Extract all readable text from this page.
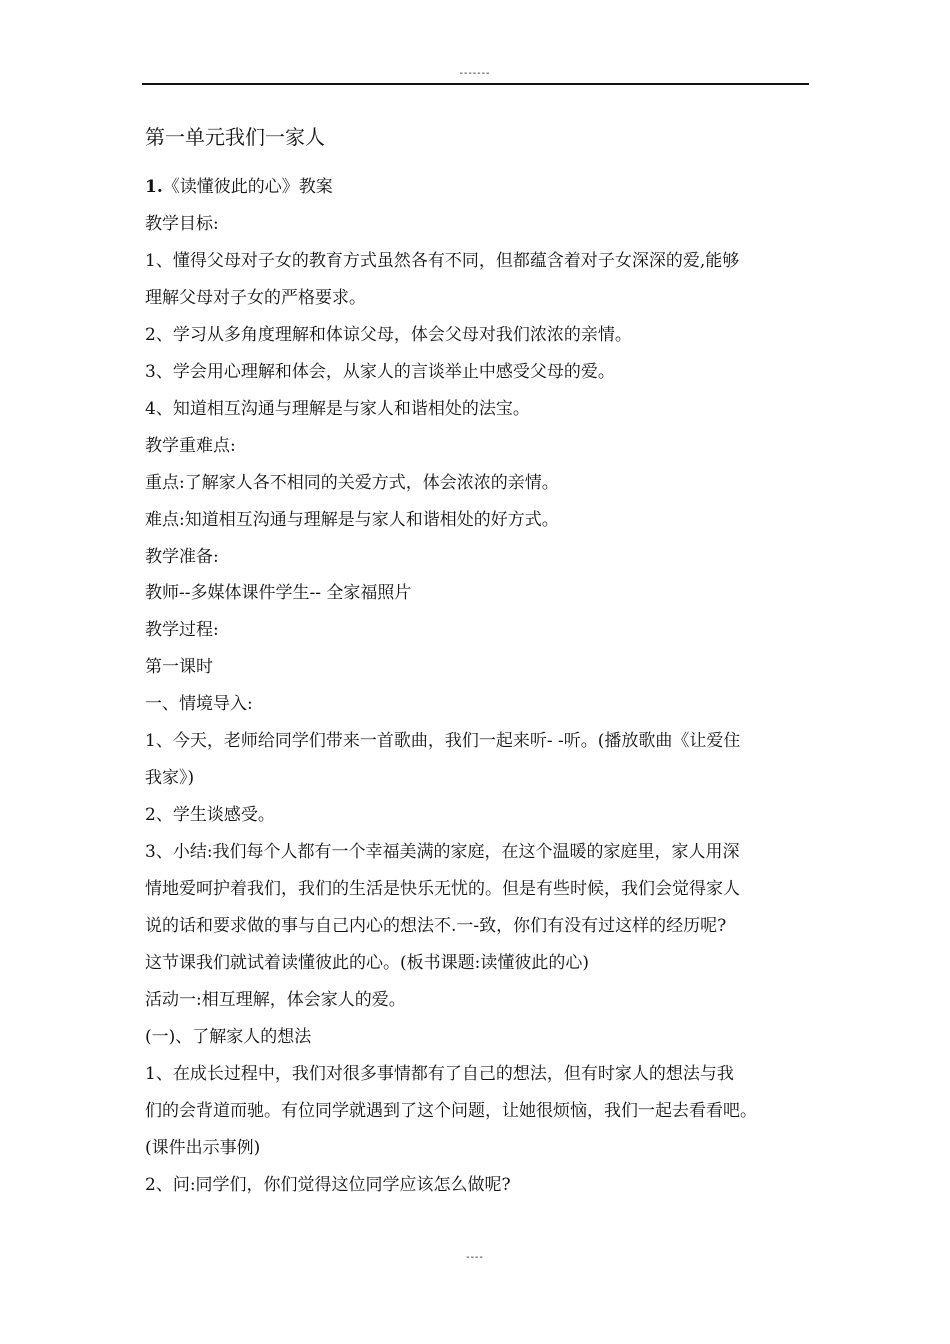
-------
第一单元我们一家人
1.《读懂彼此的心》教案
教学目标:
1、懂得父母对子女的教育方式虽然各有不同，但都蕴含着对子女深深的爱,能够
理解父母对子女的严格要求。
2、学习从多角度理解和体谅父母，体会父母对我们浓浓的亲情。
3、学会用心理解和体会，从家人的言谈举止中感受父母的爱。
4、知道相互沟通与理解是与家人和谐相处的法宝。
教学重难点:
重点:了解家人各不相同的关爱方式，体会浓浓的亲情。
难点:知道相互沟通与理解是与家人和谐相处的好方式。
教学准备:
教师--多媒体课件学生-- 全家福照片
教学过程:
第一课时
一、情境导入:
1、今天，老师给同学们带来一首歌曲，我们一起来听- -听。(播放歌曲《让爱住
我家》)
2、学生谈感受。
3、小结:我们每个人都有一个幸福美满的家庭，在这个温暖的家庭里，家人用深
情地爱呵护着我们，我们的生活是快乐无忧的。但是有些时候，我们会觉得家人
说的话和要求做的事与自己内心的想法不.一-致，你们有没有过这样的经历呢?
这节课我们就试着读懂彼此的心。(板书课题:读懂彼此的心)
活动一:相互理解，体会家人的爱。
(一)、了解家人的想法
1、在成长过程中，我们对很多事情都有了自己的想法，但有时家人的想法与我
们的会背道而驰。有位同学就遇到了这个问题，让她很烦恼，我们一起去看看吧。
(课件出示事例)
2、问:同学们，你们觉得这位同学应该怎么做呢?
----
